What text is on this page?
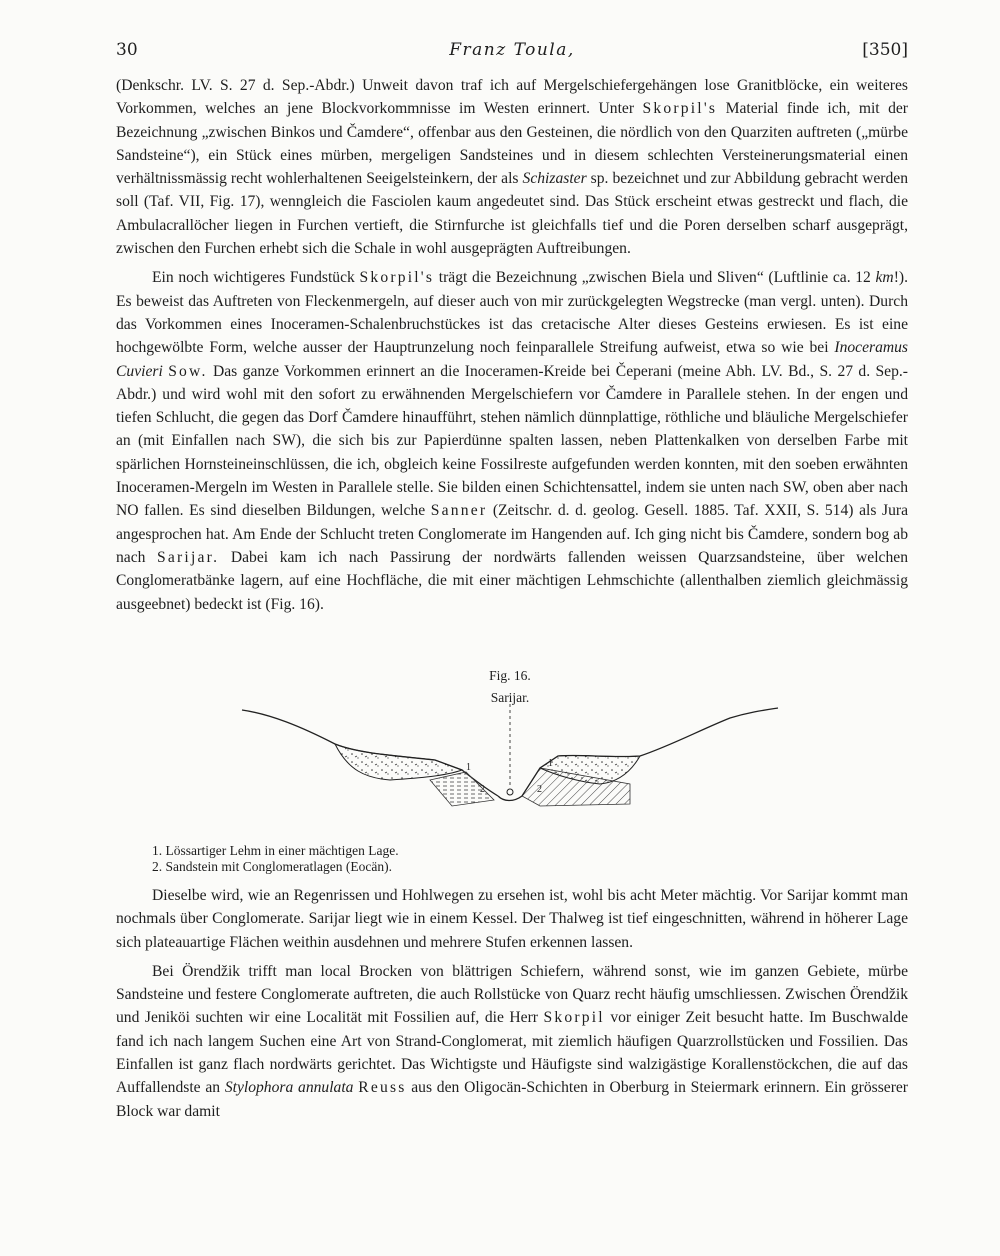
30	Franz Toula,	[350]

(Denkschr. LV. S. 27 d. Sep.-Abdr.) Unweit davon traf ich auf Mergelschiefergehängen lose Granitblöcke, ein weiteres Vorkommen, welches an jene Blockvorkommnisse im Westen erinnert. Unter Skorpil's Material finde ich, mit der Bezeichnung „zwischen Binkos und Čamdere“, offenbar aus den Gesteinen, die nördlich von den Quarziten auftreten („mürbe Sandsteine“), ein Stück eines mürben, mergeligen Sandsteines und in diesem schlechten Versteinerungsmaterial einen verhältnissmässig recht wohlerhaltenen Seeigelsteinkern, der als Schizaster sp. bezeichnet und zur Abbildung gebracht werden soll (Taf. VII, Fig. 17), wenngleich die Fasciolen kaum angedeutet sind. Das Stück erscheint etwas gestreckt und flach, die Ambulacrallöcher liegen in Furchen vertieft, die Stirnfurche ist gleichfalls tief und die Poren derselben scharf ausgeprägt, zwischen den Furchen erhebt sich die Schale in wohl ausgeprägten Auftreibungen.

Ein noch wichtigeres Fundstück Skorpil's trägt die Bezeichnung „zwischen Biela und Sliven“ (Luftlinie ca. 12 km!). Es beweist das Auftreten von Fleckenmergeln, auf dieser auch von mir zurückgelegten Wegstrecke (man vergl. unten). Durch das Vorkommen eines Inoceramen-Schalenbruchstückes ist das cretacische Alter dieses Gesteins erwiesen. Es ist eine hochgewölbte Form, welche ausser der Hauptrunzelung noch feinparallele Streifung aufweist, etwa so wie bei Inoceramus Cuvieri Sow. Das ganze Vorkommen erinnert an die Inoceramen-Kreide bei Čeperani (meine Abh. LV. Bd., S. 27 d. Sep.-Abdr.) und wird wohl mit den sofort zu erwähnenden Mergelschiefern vor Čamdere in Parallele stehen. In der engen und tiefen Schlucht, die gegen das Dorf Čamdere hinaufführt, stehen nämlich dünnplattige, röthliche und bläuliche Mergelschiefer an (mit Einfallen nach SW), die sich bis zur Papierdünne spalten lassen, neben Plattenkalken von derselben Farbe mit spärlichen Hornsteineinschlüssen, die ich, obgleich keine Fossilreste aufgefunden werden konnten, mit den soeben erwähnten Inoceramen-Mergeln im Westen in Parallele stelle. Sie bilden einen Schichtensattel, indem sie unten nach SW, oben aber nach NO fallen. Es sind dieselben Bildungen, welche Sanner (Zeitschr. d. d. geolog. Gesell. 1885. Taf. XXII, S. 514) als Jura angesprochen hat. Am Ende der Schlucht treten Conglomerate im Hangenden auf. Ich ging nicht bis Čamdere, sondern bog ab nach Sarijar. Dabei kam ich nach Passirung der nordwärts fallenden weissen Quarzsandsteine, über welchen Conglomeratbänke lagern, auf eine Hochfläche, die mit einer mächtigen Lehmschichte (allenthalben ziemlich gleichmässig ausgeebnet) bedeckt ist (Fig. 16).

Fig. 16.
Sarijar.
1
2
1
2
1. Lössartiger Lehm in einer mächtigen Lage.
2. Sandstein mit Conglomeratlagen (Eocän).

Dieselbe wird, wie an Regenrissen und Hohlwegen zu ersehen ist, wohl bis acht Meter mächtig. Vor Sarijar kommt man nochmals über Conglomerate. Sarijar liegt wie in einem Kessel. Der Thalweg ist tief eingeschnitten, während in höherer Lage sich plateauartige Flächen weithin ausdehnen und mehrere Stufen erkennen lassen.

Bei Örendžik trifft man local Brocken von blättrigen Schiefern, während sonst, wie im ganzen Gebiete, mürbe Sandsteine und festere Conglomerate auftreten, die auch Rollstücke von Quarz recht häufig umschliessen. Zwischen Örendžik und Jeniköi suchten wir eine Localität mit Fossilien auf, die Herr Skorpil vor einiger Zeit besucht hatte. Im Buschwalde fand ich nach langem Suchen eine Art von Strand-Conglomerat, mit ziemlich häufigen Quarzrollstücken und Fossilien. Das Einfallen ist ganz flach nordwärts gerichtet. Das Wichtigste und Häufigste sind walzigästige Korallenstöckchen, die auf das Auffallendste an Stylophora annulata Reuss aus den Oligocän-Schichten in Oberburg in Steiermark erinnern. Ein grösserer Block war damit
